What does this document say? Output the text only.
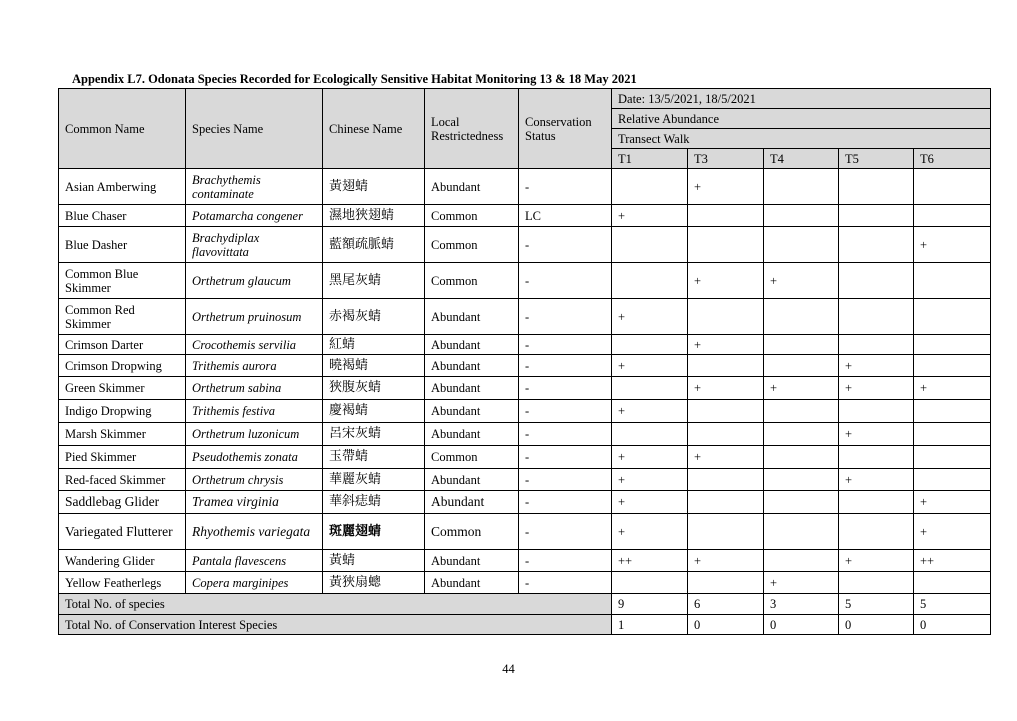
Appendix L7. Odonata Species Recorded for Ecologically Sensitive Habitat Monitoring 13 & 18 May 2021
Common Name	Species Name	Chinese Name	Local Restrictedness	Conservation Status	Date: 13/5/2021, 18/5/2021				
					Relative Abundance				
					Transect Walk				
					T1	T3	T4	T5	T6
Asian Amberwing	Brachythemis contaminate	黃翅蜻	Abundant	-		+			
Blue Chaser	Potamarcha congener	濕地狹翅蜻	Common	LC	+				
Blue Dasher	Brachydiplax flavovittata	藍額疏脈蜻	Common	-					+
Common Blue Skimmer	Orthetrum glaucum	黑尾灰蜻	Common	-		+	+		
Common Red Skimmer	Orthetrum pruinosum	赤褐灰蜻	Abundant	-	+				
Crimson Darter	Crocothemis servilia	紅蜻	Abundant	-		+			
Crimson Dropwing	Trithemis aurora	曉褐蜻	Abundant	-	+			+	
Green Skimmer	Orthetrum sabina	狹腹灰蜻	Abundant	-		+	+	+	+
Indigo Dropwing	Trithemis festiva	慶褐蜻	Abundant	-	+				
Marsh Skimmer	Orthetrum luzonicum	呂宋灰蜻	Abundant	-				+	
Pied Skimmer	Pseudothemis zonata	玉帶蜻	Common	-	+	+			
Red-faced Skimmer	Orthetrum chrysis	華麗灰蜻	Abundant	-	+			+	
Saddlebag Glider	Tramea virginia	華斜痣蜻	Abundant	-	+				+
Variegated Flutterer	Rhyothemis variegata	斑麗翅蜻	Common	-	+				+
Wandering Glider	Pantala flavescens	黃蜻	Abundant	-	++	+		+	++
Yellow Featherlegs	Copera marginipes	黃狹扇蟌	Abundant	-			+		
Total No. of species					9	6	3	5	5
Total No. of Conservation Interest Species					1	0	0	0	0
44
